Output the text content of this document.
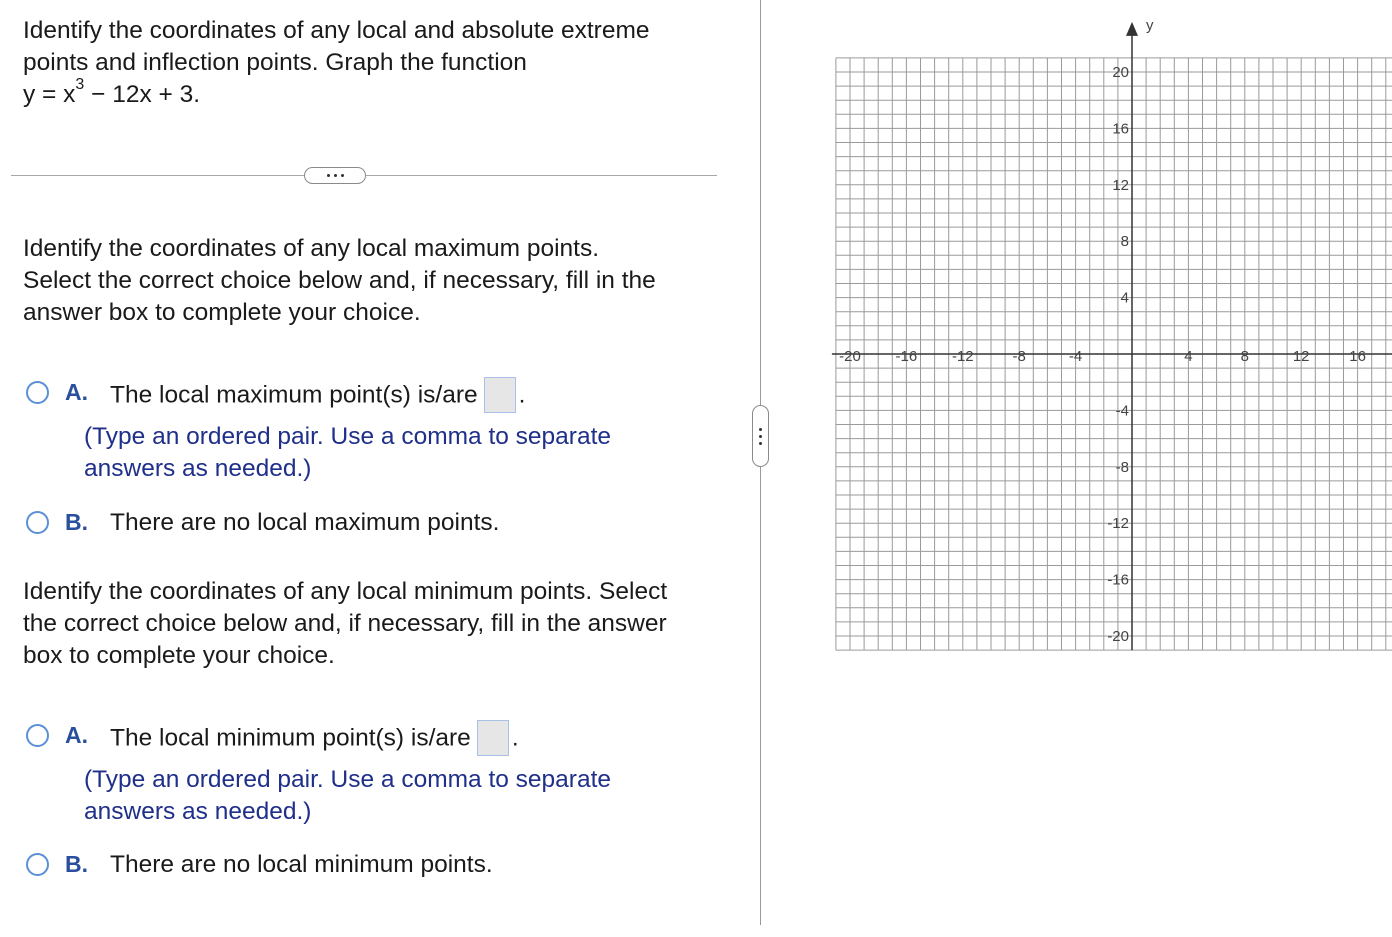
Identify the coordinates of any local and absolute extreme
points and inflection points. Graph the function
$y = x^3 - 12x + 3$.
Identify the coordinates of any local maximum points.
Select the correct choice below and, if necessary, fill in the
answer box to complete your choice.
A. The local maximum point(s) is/are .
(Type an ordered pair. Use a comma to separate
answers as needed.)
B. There are no local maximum points.
Identify the coordinates of any local minimum points. Select
the correct choice below and, if necessary, fill in the answer
box to complete your choice.
A. The local minimum point(s) is/are .
(Type an ordered pair. Use a comma to separate
answers as needed.)
B. There are no local minimum points.
y
-20 -16 -12	-8	-4	4	8	12	16
20
16
12
8
4
-4
-8
-12
-16
-20
